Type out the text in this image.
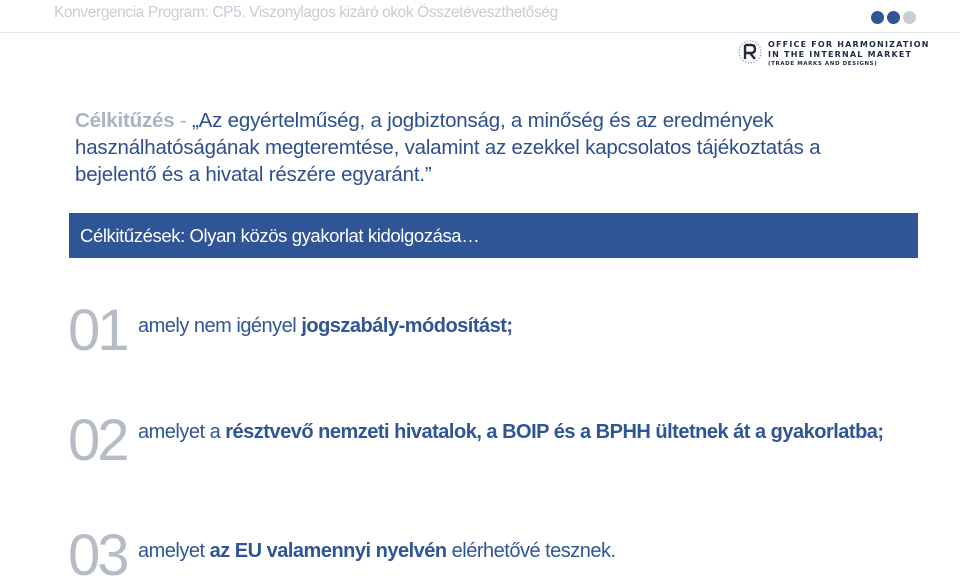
Konvergencia Program: CP5. Viszonylagos kizáró okok Összetéveszthetőség
OFFICE FOR HARMONIZATION
IN THE INTERNAL MARKET
(TRADE MARKS AND DESIGNS)
Célkitűzés - „Az egyértelműség, a jogbiztonság, a minőség és az eredmények használhatóságának megteremtése, valamint az ezekkel kapcsolatos tájékoztatás a bejelentő és a hivatal részére egyaránt.”
Célkitűzések: Olyan közös gyakorlat kidolgozása…
01 amely nem igényel jogszabály-módosítást;
02 amelyet a résztvevő nemzeti hivatalok, a BOIP és a BPHH ültetnek át a gyakorlatba;
03 amelyet az EU valamennyi nyelvén elérhetővé tesznek.
